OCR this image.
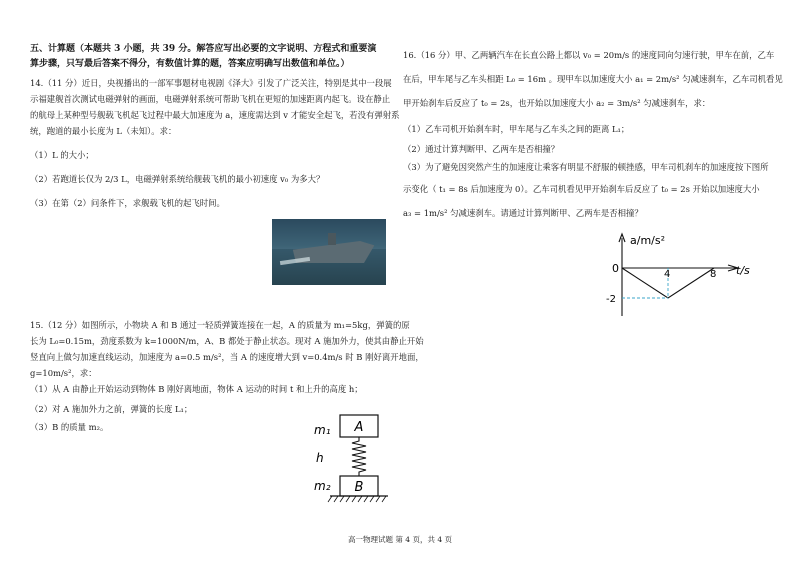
五、计算题（本题共 3 小题，共 39 分。解答应写出必要的文字说明、方程式和重要演
算步骤，只写最后答案不得分，有数值计算的题，答案应明确写出数值和单位。）
14.（11 分）近日，央视播出的一部军事题材电视剧《泽大》引发了广泛关注，特别是其中一段展
示福建舰首次测试电磁弹射的画面，电磁弹射系统可帮助飞机在更短的加速距离内起飞。设在静止
的航母上某种型号舰载飞机起飞过程中最大加速度为 a，速度需达到 v 才能安全起飞，若没有弹射系
统，跑道的最小长度为 L（未知）。求：
（1）L 的大小；
（2）若跑道长仅为 2/3 L，电磁弹射系统给舰载飞机的最小初速度 v₀ 为多大？
（3）在第（2）问条件下，求舰载飞机的起飞时间。
15.（12 分）如图所示，小物块 A 和 B 通过一轻质弹簧连接在一起，A 的质量为 m₁=5kg，弹簧的原
长为 L₀=0.15m，劲度系数为 k=1000N/m，A、B 都处于静止状态。现对 A 施加外力，使其由静止开始
竖直向上做匀加速直线运动，加速度为 a=0.5 m/s²，当 A 的速度增大到 v=0.4m/s 时 B 刚好离开地面，
g=10m/s²，求：
（1）从 A 由静止开始运动到物体 B 刚好离地面，物体 A 运动的时间 t 和上升的高度 h；
（2）对 A 施加外力之前，弹簧的长度 L₁；
（3）B 的质量 m₂。	A
m₁
h
B
m₂
16.（16 分）甲、乙两辆汽车在长直公路上都以 v₀ = 20m/s 的速度同向匀速行驶，甲车在前，乙车
在后，甲车尾与乙车头相距 L₀ = 16m 。现甲车以加速度大小 a₁ = 2m/s² 匀减速刹车，乙车司机看见
甲开始刹车后反应了 t₀ = 2s，也开始以加速度大小 a₂ = 3m/s² 匀减速刹车，求：
（1）乙车司机开始刹车时，甲车尾与乙车头之间的距离 L₁；
（2）通过计算判断甲、乙两车是否相撞？
（3）为了避免因突然产生的加速度让乘客有明显不舒服的顿挫感，甲车司机刹车的加速度按下图所
示变化（ t₁ = 8s 后加速度为 0）。乙车司机看见甲开始刹车后反应了 t₀ = 2s 开始以加速度大小
a₃ = 1m/s² 匀减速刹车。请通过计算判断甲、乙两车是否相撞？
a/m/s²
t/s
0	4	8
-2
高一物理试题 第 4 页，共 4 页
